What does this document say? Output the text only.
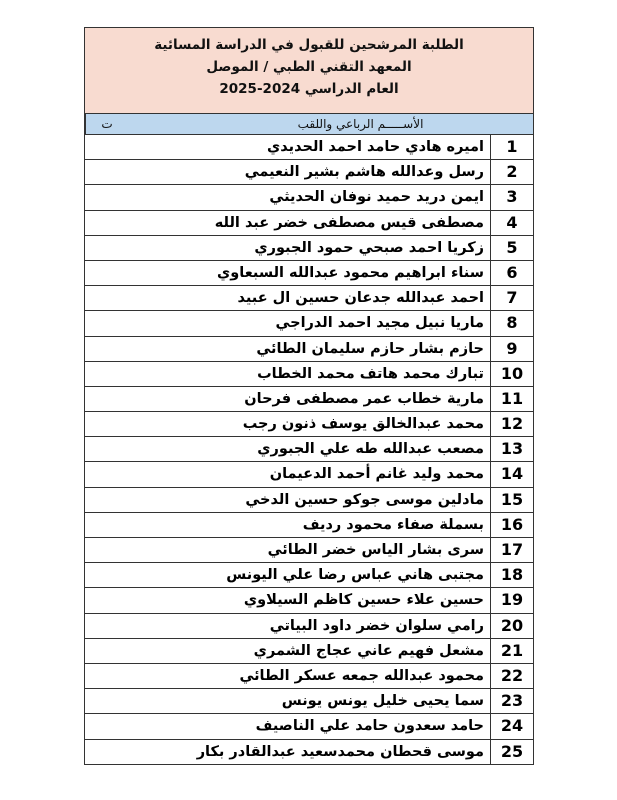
الطلبة المرشحين للقبول في الدراسة المسائية
المعهد التقني الطبي / الموصل
العام الدراسي 2024-2025
ت	الأســـــم الرباعي واللقب
1
اميره هادي حامد احمد الحديدي
2
رسل وعدالله هاشم بشير النعيمي
3
ايمن دريد حميد نوفان الحديثي
4
مصطفى قيس مصطفى خضر عبد الله
5
زكريا احمد صبحي حمود الجبوري
6
سناء ابراهيم محمود عبدالله السبعاوي
7
احمد عبدالله جدعان حسين ال عبيد
8
ماريا نبيل مجيد احمد الدراجي
9
حازم بشار حازم سليمان الطائي
10
تبارك محمد هاتف محمد الخطاب
11
مارية خطاب عمر مصطفى فرحان
12
محمد عبدالخالق يوسف ذنون رجب
13
مصعب عبدالله طه علي الجبوري
14
محمد وليد غانم أحمد الدعيمان
15
مادلين موسى جوكو حسين الدخي
16
بسملة صفاء محمود رديف
17
سرى بشار الياس خضر الطائي
18
مجتبى هاني عباس رضا علي اليونس
19
حسين علاء حسين كاظم السيلاوي
20
رامي سلوان خضر داود البياتي
21
مشعل فهيم عاني عجاج الشمري
22
محمود عبدالله جمعه عسكر الطائي
23
سما يحيى خليل يونس يونس
24
حامد سعدون حامد علي الناصيف
25
موسى قحطان محمدسعيد عبدالقادر بكار
